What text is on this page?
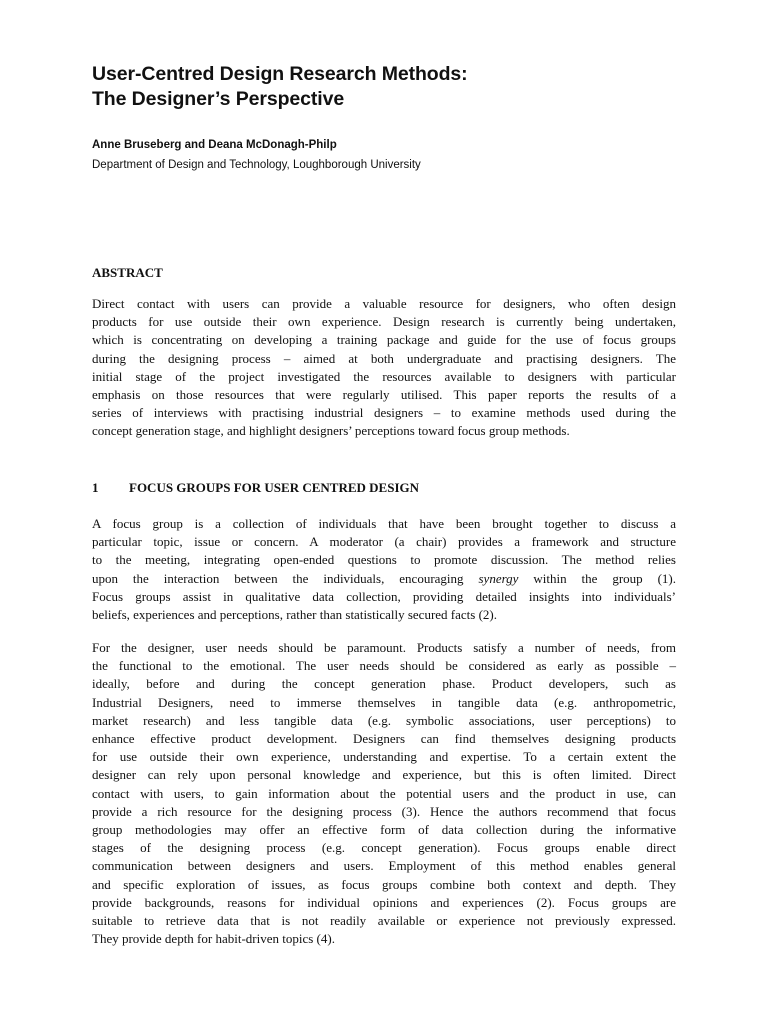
User-Centred Design Research Methods:
The Designer’s Perspective
Anne Bruseberg and Deana McDonagh-Philp
Department of Design and Technology, Loughborough University
ABSTRACT

Direct contact with users can provide a valuable resource for designers, who often design
products for use outside their own experience. Design research is currently being undertaken,
which is concentrating on developing a training package and guide for the use of focus groups
during the designing process – aimed at both undergraduate and practising designers. The
initial stage of the project investigated the resources available to designers with particular
emphasis on those resources that were regularly utilised. This paper reports the results of a
series of interviews with practising industrial designers – to examine methods used during the
concept generation stage, and highlight designers’ perceptions toward focus group methods.

1 FOCUS GROUPS FOR USER CENTRED DESIGN

A focus group is a collection of individuals that have been brought together to discuss a
particular topic, issue or concern. A moderator (a chair) provides a framework and structure
to the meeting, integrating open-ended questions to promote discussion. The method relies
upon the interaction between the individuals, encouraging synergy within the group (1).
Focus groups assist in qualitative data collection, providing detailed insights into individuals’
beliefs, experiences and perceptions, rather than statistically secured facts (2).

For the designer, user needs should be paramount. Products satisfy a number of needs, from
the functional to the emotional. The user needs should be considered as early as possible –
ideally, before and during the concept generation phase. Product developers, such as
Industrial Designers, need to immerse themselves in tangible data (e.g. anthropometric,
market research) and less tangible data (e.g. symbolic associations, user perceptions) to
enhance effective product development. Designers can find themselves designing products
for use outside their own experience, understanding and expertise. To a certain extent the
designer can rely upon personal knowledge and experience, but this is often limited. Direct
contact with users, to gain information about the potential users and the product in use, can
provide a rich resource for the designing process (3). Hence the authors recommend that focus
group methodologies may offer an effective form of data collection during the informative
stages of the designing process (e.g. concept generation). Focus groups enable direct
communication between designers and users. Employment of this method enables general
and specific exploration of issues, as focus groups combine both context and depth. They
provide backgrounds, reasons for individual opinions and experiences (2). Focus groups are
suitable to retrieve data that is not readily available or experience not previously expressed.
They provide depth for habit-driven topics (4).
